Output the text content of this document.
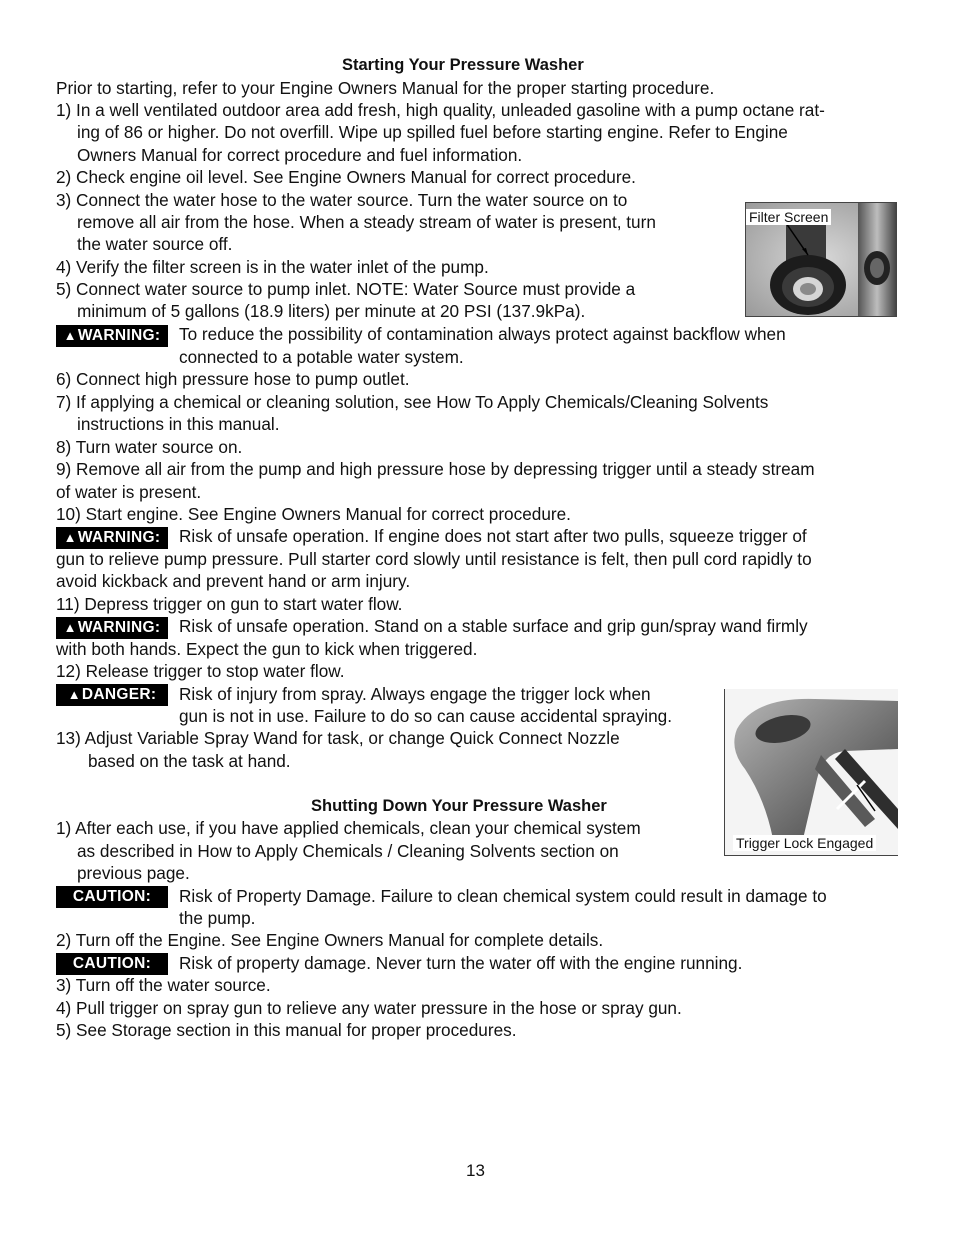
Starting Your Pressure Washer
Prior to starting, refer to your Engine Owners Manual for the proper starting procedure.
1) In a well ventilated outdoor area add fresh, high quality, unleaded gasoline with a pump octane rat-
ing of 86 or higher. Do not overfill. Wipe up spilled fuel before starting engine. Refer to Engine
Owners Manual for correct procedure and fuel information.
2) Check engine oil level. See Engine Owners Manual for correct procedure.
3) Connect the water hose to the water source. Turn the water source on to
remove all air from the hose. When a steady stream of water is present, turn
the water source off.
4) Verify the filter screen is in the water inlet of the pump.
5) Connect water source to pump inlet. NOTE: Water Source must provide a
minimum of 5 gallons (18.9 liters) per minute at 20 PSI (137.9kPa).
▲WARNING:	To reduce the possibility of contamination always protect against backflow when
connected to a potable water system.
6) Connect high pressure hose to pump outlet.
7) If applying a chemical or cleaning solution, see How To Apply Chemicals/Cleaning Solvents
instructions in this manual.
8) Turn water source on.
9) Remove all air from the pump and high pressure hose by depressing trigger until a steady stream
of water is present.
10) Start engine. See Engine Owners Manual for correct procedure.
▲WARNING:	Risk of unsafe operation. If engine does not start after two pulls, squeeze trigger of
gun to relieve pump pressure. Pull starter cord slowly until resistance is felt, then pull cord rapidly to
avoid kickback and prevent hand or arm injury.
11) Depress trigger on gun to start water flow.
▲WARNING:	Risk of unsafe operation. Stand on a stable surface and grip gun/spray wand firmly
with both hands. Expect the gun to kick when triggered.
12) Release trigger to stop water flow.
▲DANGER:	Risk of injury from spray. Always engage the trigger lock when
gun is not in use. Failure to do so can cause accidental spraying.
13) Adjust Variable Spray Wand for task, or change Quick Connect Nozzle
based on the task at hand.
Shutting Down Your Pressure Washer
1) After each use, if you have applied chemicals, clean your chemical system
as described in How to Apply Chemicals / Cleaning Solvents section on
previous page.
CAUTION:	Risk of Property Damage. Failure to clean chemical system could result in damage to
the pump.
2) Turn off the Engine. See Engine Owners Manual for complete details.
CAUTION:	Risk of property damage. Never turn the water off with the engine running.
3) Turn off the water source.
4) Pull trigger on spray gun to relieve any water pressure in the hose or spray gun.
5) See Storage section in this manual for proper procedures.
Filter Screen
Trigger Lock Engaged
13
